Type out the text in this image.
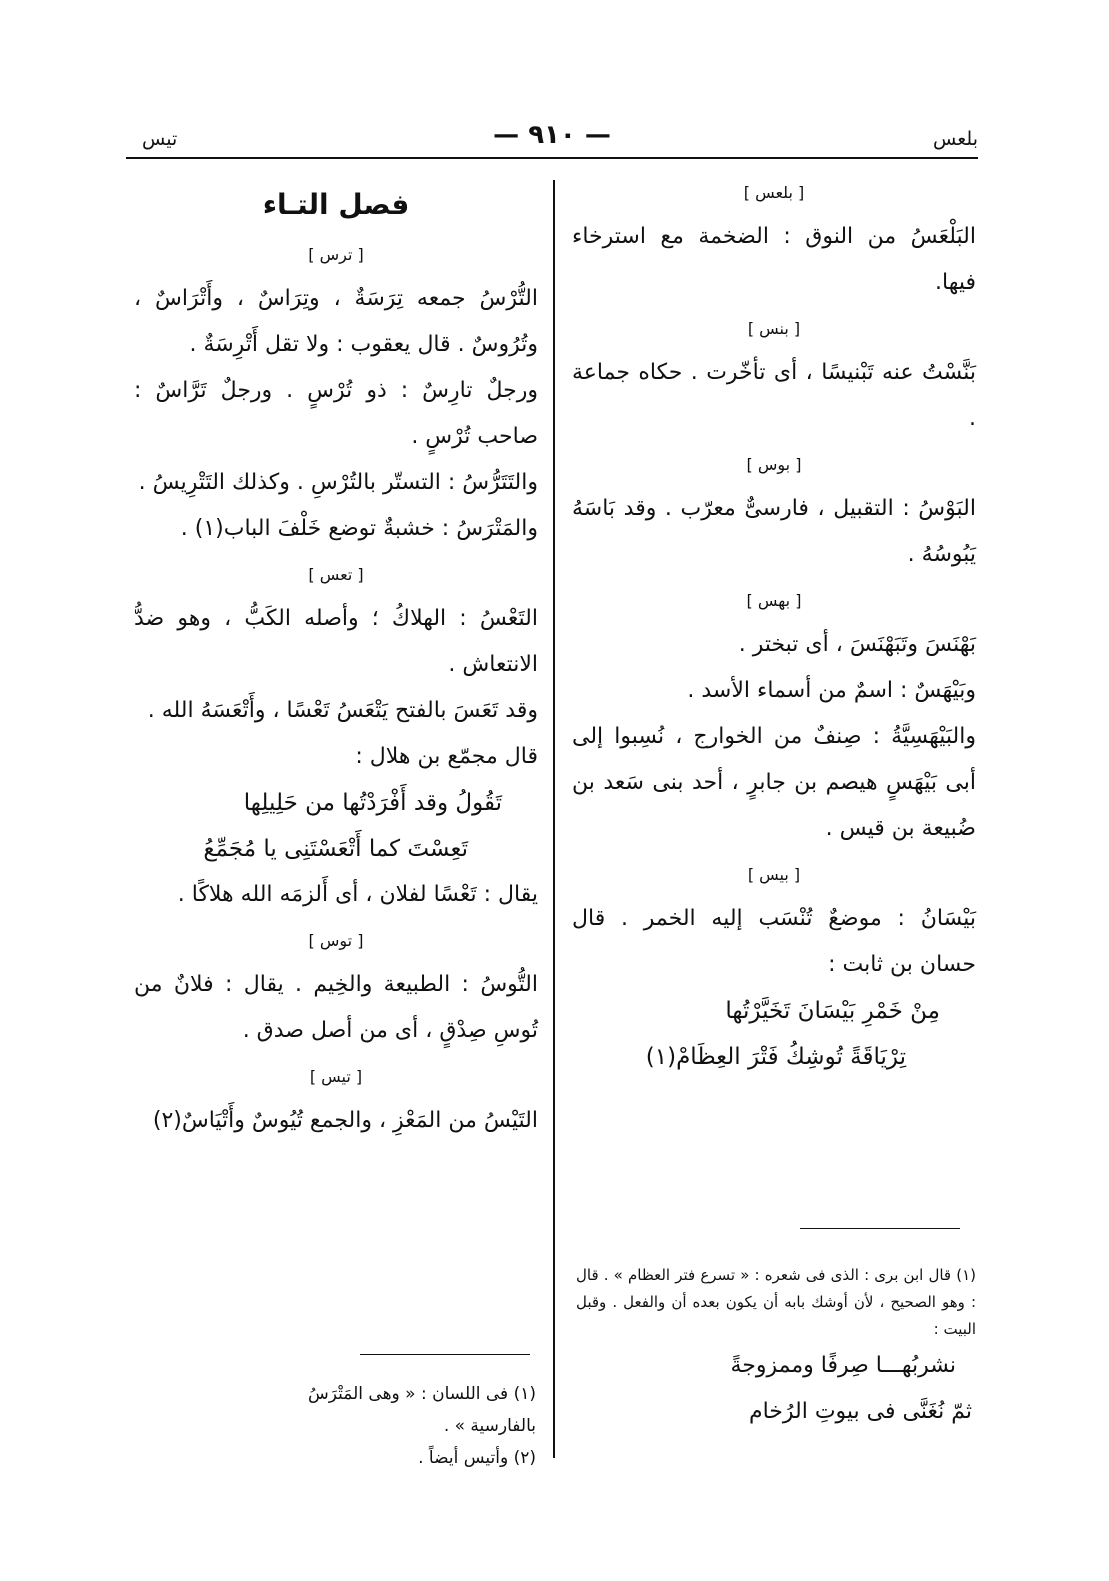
بلعس
— ٩١٠ —
تيس
[ بلعس ]

البَلْعَسُ من النوق : الضخمة مع استرخاء فيها.

[ بنس ]

بَنَّسْتُ عنه تَبْنيسًا ، أى تأخّرت . حكاه جماعة .

[ بوس ]

البَوْسُ : التقبيل ، فارسىٌّ معرّب . وقد بَاسَهُ يَبُوسُهُ .

[ بهس ]

بَهْنَسَ وتَبَهْنَسَ ، أى تبختر .

وبَيْهَسٌ : اسمٌ من أسماء الأسد .

والبَيْهَسِيَّةُ : صِنفٌ من الخوارج ، نُسِبوا إلى أبى بَيْهَسٍ هيصم بن جابرٍ ، أحد بنى سَعد بن ضُبيعة بن قيس .

[ بيس ]

بَيْسَانُ : موضعٌ تُنْسَب إليه الخمر . قال حسان بن ثابت :

مِنْ خَمْرِ بَيْسَانَ تَخَيَّرْتُها
تِرْيَاقَةً تُوشِكُ فَتْرَ العِظَامْ(١)
فصل التـاء
[ ترس ]

التُّرْسُ جمعه تِرَسَةٌ ، وتِرَاسٌ ، وأَتْرَاسٌ ، وتُرُوسٌ . قال يعقوب : ولا تقل أَتْرِسَةٌ .

ورجلٌ تارِسٌ : ذو تُرْسٍ . ورجلٌ تَرَّاسٌ : صاحب تُرْسٍ .

والتَتَرُّسُ : التستّر بالتُرْسِ . وكذلك التَتْرِيسُ .

والمَتْرَسُ : خشبةٌ توضع خَلْفَ الباب(١) .

[ تعس ]

التَعْسُ : الهلاكُ ؛ وأصله الكَبُّ ، وهو ضدُّ الانتعاش .

وقد تَعَسَ بالفتح يَتْعَسُ تَعْسًا ، وأَتْعَسَهُ الله .

قال مجمّع بن هلال :

تَقُولُ وقد أَفْرَدْتُها من حَلِيلِها
تَعِسْتَ كما أَتْعَسْتَنِى يا مُجَمِّعُ

يقال : تَعْسًا لفلان ، أى أَلزمَه الله هلاكًا .

[ توس ]

التُّوسُ : الطبيعة والخِيم . يقال : فلانٌ من تُوسِ صِدْقٍ ، أى من أصل صدق .

[ تيس ]

التَيْسُ من المَعْزِ ، والجمع تُيُوسٌ وأَتْيَاسٌ(٢)

(١) قال ابن برى : الذى فى شعره : « تسرع فتر العظام » . قال : وهو الصحيح ، لأن أوشك بابه أن يكون بعده أن والفعل . وقبل البيت :

نشربُهـــا صِرفًا وممزوجةً
ثمّ نُغَنَّى فى بيوتِ الرُخام
(١) فى اللسان : « وهى المَتْرَسُ بالفارسية » .
(٢) وأتيس أيضاً .
